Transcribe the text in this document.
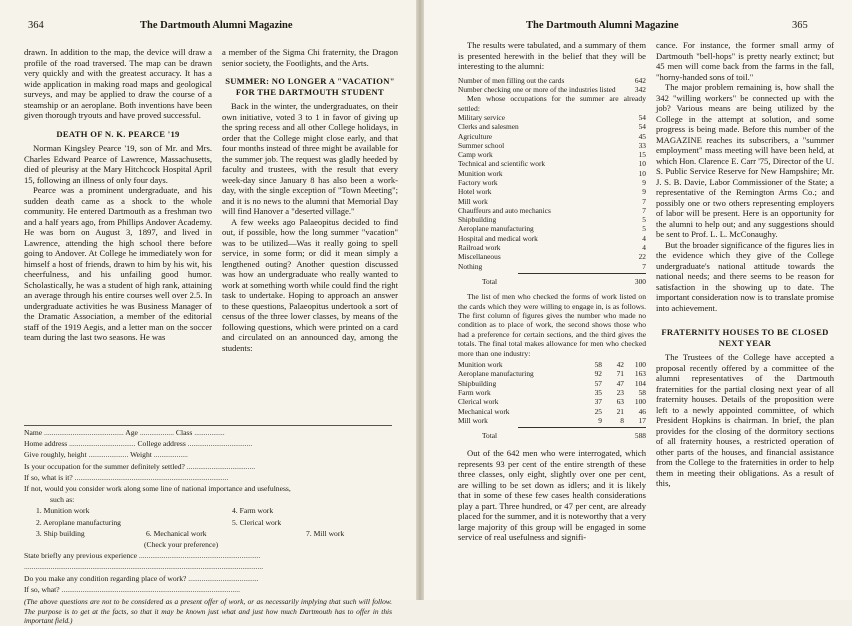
364	The Dartmouth Alumni Magazine

drawn. In addition to the map, the device will draw a profile of the road traversed. The map can be drawn very quickly and with the greatest accuracy. It has a wide application in making road maps and geological surveys, and may be applied to draw the course of a steamship or an aeroplane. Both inventions have been given thorough tryouts and have proved successful.

DEATH OF N. K. PEARCE '19

Norman Kingsley Pearce '19, son of Mr. and Mrs. Charles Edward Pearce of Lawrence, Massachusetts, died of pleurisy at the Mary Hitchcock Hospital April 15, following an illness of only four days.

Pearce was a prominent undergraduate, and his sudden death came as a shock to the whole community. He entered Dartmouth as a freshman two and a half years ago, from Phillips Andover Academy. He was born on August 3, 1897, and lived in Lawrence, attending the high school there before going to Andover. At College he immediately won for himself a host of friends, drawn to him by his wit, his cheerfulness, and his unfailing good humor. Scholastically, he was a student of high rank, attaining an average through his entire courses well over 2.5. In undergraduate activities he was Business Manager of the Dramatic Association, a member of the editorial staff of the 1919 Aegis, and a letter man on the soccer team during the last two seasons. He was

a member of the Sigma Chi fraternity, the Dragon senior society, the Footlights, and the Arts.

SUMMER: NO LONGER A "VACATION" FOR THE DARTMOUTH STUDENT

Back in the winter, the undergraduates, on their own initiative, voted 3 to 1 in favor of giving up the spring recess and all other College holidays, in order that the College might close early, and that four months instead of three might be available for the summer job. The request was gladly heeded by faculty and trustees, with the result that every week-day since January 8 has also been a work-day, with the single exception of "Town Meeting"; and it is no news to the alumni that Memorial Day will find Hanover a "deserted village."

A few weeks ago Palaeopitus decided to find out, if possible, how the long summer "vacation" was to be utilized—Was it really going to spell service, in some form; or did it mean simply a lengthened outing? Another question discussed was how an undergraduate who really wanted to work at something worth while could find the right task to undertake. Hoping to approach an answer to these questions, Palaeopitus undertook a sort of census of the three lower classes, by means of the following questions, which were printed on a card and circulated on an announced day, among the students:

Name .......................................... Age .................. Class ................
Home address ................................... College address ..................................
Give roughly, height ..................... Weight ..................
Is your occupation for the summer definitely settled? ....................................
If so, what is it? .................................................................................
If not, would you consider work along some line of national importance and usefulness,
such as:
1. Munition work	4. Farm work
2. Aeroplane manufacturing	5. Clerical work
3. Ship building	6. Mechanical work	7. Mill work
(Check your preference)
State briefly any previous experience ................................................................
..............................................................................................................................
Do you make any condition regarding place of work? .....................................
If so, what? ..............................................................................................
(The above questions are not to be considered as a present offer of work, or as necessarily implying that such will follow. The purpose is to get at the facts, so that it may be known just what and just how much Dartmouth has to offer in this important field.)
The Dartmouth Alumni Magazine	365

The results were tabulated, and a summary of them is presented herewith in the belief that they will be interesting to the alumni:

Number of men filling out the cards	642
Number checking one or more of the industries listed	342
Men whose occupations for the summer are already settled:
Military service	54
Clerks and salesmen	54
Agriculture	45
Summer school	33
Camp work	15
Technical and scientific work	10
Munition work	10
Factory work	9
Hotel work	9
Mill work	7
Chauffeurs and auto mechanics	7
Shipbuilding	5
Aeroplane manufacturing	5
Hospital and medical work	4
Railroad work	4
Miscellaneous	22
Nothing	7
Total	300
The list of men who checked the forms of work listed on the cards which they were willing to engage in, is as follows. The first column of figures gives the number who made no condition as to place of work, the second shows those who had a preference for certain sections, and the third gives the totals. The final total makes allowance for men who checked more than one industry:
Munition work	58	42	100
Aeroplane manufacturing	92	71	163
Shipbuilding	57	47	104
Farm work	35	23	58
Clerical work	37	63	100
Mechanical work	25	21	46
Mill work	9	8	17
Total	588

Out of the 642 men who were interrogated, which represents 93 per cent of the entire strength of these three classes, only eight, slightly over one per cent, are willing to be set down as idlers; and it is likely that in some of these few cases health considerations play a part. Three hundred, or 47 per cent, are already placed for the summer, and it is noteworthy that a very large majority of this group will be engaged in some service of real usefulness and signifi-

cance. For instance, the former small army of Dartmouth "bell-hops" is pretty nearly extinct; but 45 men will come back from the farms in the fall, "horny-handed sons of toil."

The major problem remaining is, how shall the 342 "willing workers" be connected up with the job? Various means are being utilized by the College in the attempt at solution, and some progress is being made. Before this number of the MAGAZINE reaches its subscribers, a "summer employment" mass meeting will have been held, at which Hon. Clarence E. Carr '75, Director of the U. S. Public Service Reserve for New Hampshire; Mr. J. S. B. Davie, Labor Commissioner of the State; a representative of the Remington Arms Co.; and possibly one or two others representing employers of labor will be present. Here is an opportunity for the alumni to help out; and any suggestions should be sent to Prof. L. L. McConaughy.

But the broader significance of the figures lies in the evidence which they give of the College undergraduate's national attitude towards the national needs; and there seems to be reason for satisfaction in the showing up to date. The important consideration now is to translate promise into achievement.

FRATERNITY HOUSES TO BE CLOSED NEXT YEAR

The Trustees of the College have accepted a proposal recently offered by a committee of the alumni representatives of the Dartmouth fraternities for the partial closing next year of all fraternity houses. Details of the proposition were left to a newly appointed committee, of which President Hopkins is chairman. In brief, the plan provides for the closing of the dormitory sections of all fraternity houses, a restricted operation of other parts of the houses, and financial assistance from the College to the fraternities in order to help them in meeting their obligations. As a result of this,
